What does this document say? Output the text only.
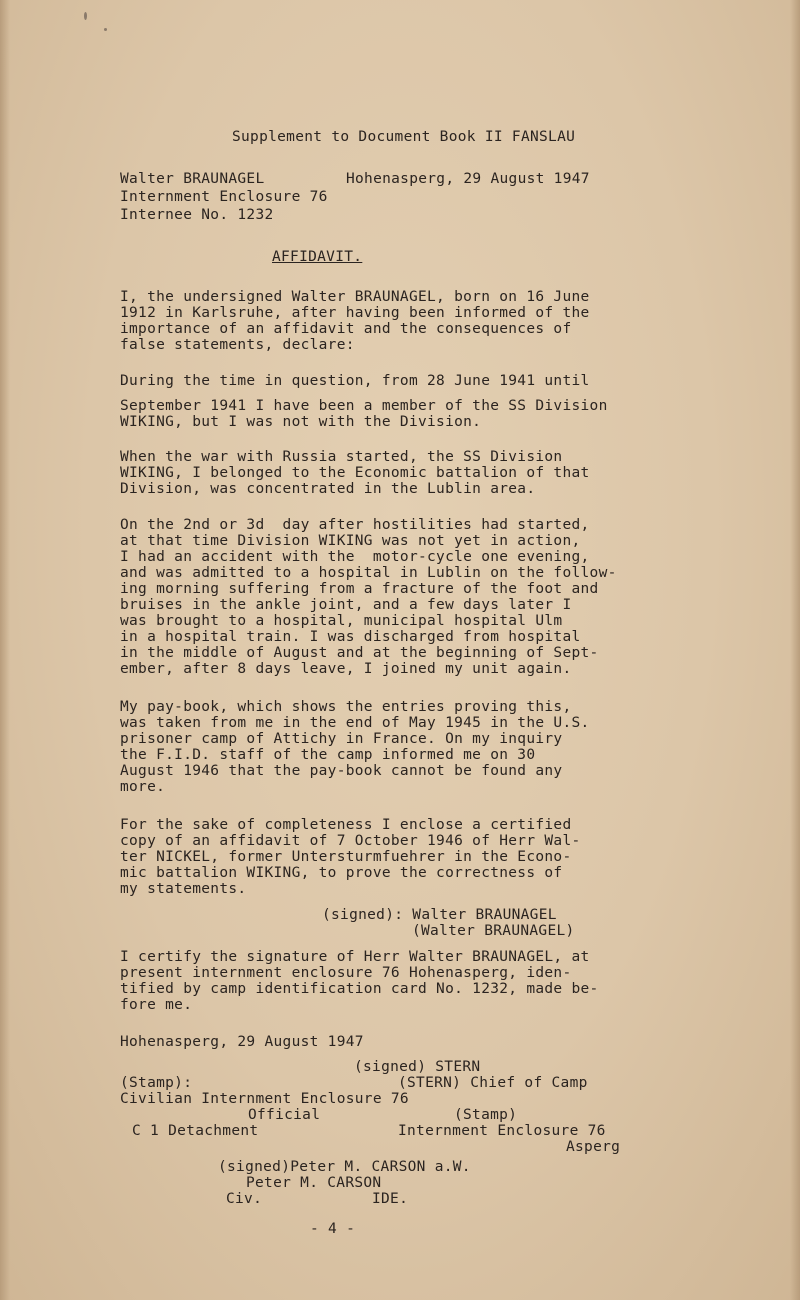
Supplement to Document Book II FANSLAU
Walter BRAUNAGEL	Hohenasperg, 29 August 1947
Internment Enclosure 76
Internee No. 1232
AFFIDAVIT.
I, the undersigned Walter BRAUNAGEL, born on 16 June
1912 in Karlsruhe, after having been informed of the
importance of an affidavit and the consequences of
false statements, declare:
During the time in question, from 28 June 1941 until
September 1941 I have been a member of the SS Division
WIKING, but I was not with the Division.
When the war with Russia started, the SS Division
WIKING, I belonged to the Economic battalion of that
Division, was concentrated in the Lublin area.
On the 2nd or 3d  day after hostilities had started,
at that time Division WIKING was not yet in action,
I had an accident with the  motor-cycle one evening,
and was admitted to a hospital in Lublin on the follow-
ing morning suffering from a fracture of the foot and
bruises in the ankle joint, and a few days later I
was brought to a hospital, municipal hospital Ulm
in a hospital train. I was discharged from hospital
in the middle of August and at the beginning of Sept-
ember, after 8 days leave, I joined my unit again.
My pay-book, which shows the entries proving this,
was taken from me in the end of May 1945 in the U.S.
prisoner camp of Attichy in France. On my inquiry
the F.I.D. staff of the camp informed me on 30
August 1946 that the pay-book cannot be found any
more.
For the sake of completeness I enclose a certified
copy of an affidavit of 7 October 1946 of Herr Wal-
ter NICKEL, former Untersturmfuehrer in the Econo-
mic battalion WIKING, to prove the correctness of
my statements.
(signed): Walter BRAUNAGEL
(Walter BRAUNAGEL)
I certify the signature of Herr Walter BRAUNAGEL, at
present internment enclosure 76 Hohenasperg, iden-
tified by camp identification card No. 1232, made be-
fore me.
Hohenasperg, 29 August 1947
(signed) STERN
(Stamp):	(STERN) Chief of Camp
Civilian Internment Enclosure 76
Official	(Stamp)
C 1 Detachment	Internment Enclosure 76
Asperg
(signed)Peter M. CARSON a.W.
Peter M. CARSON
Civ.	IDE.
- 4 -
